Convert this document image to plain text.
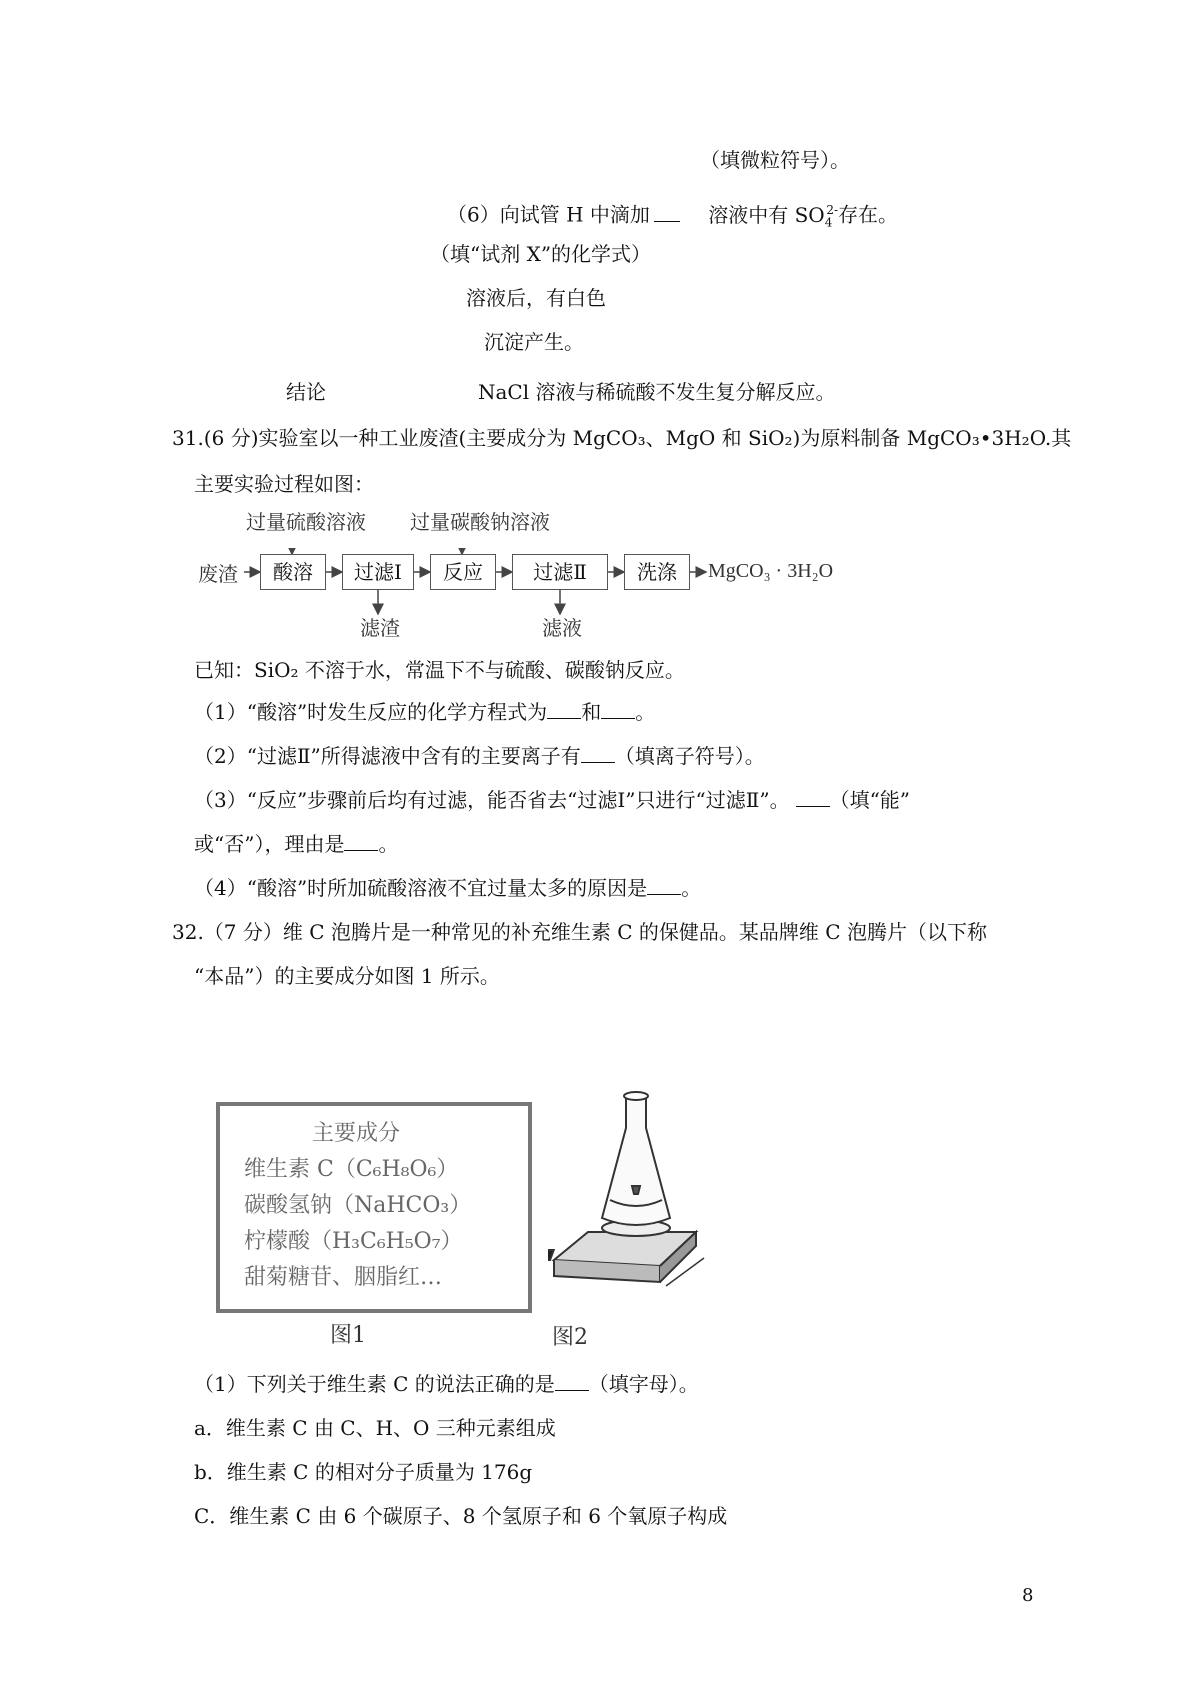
（填微粒符号）。
（6）向试管 H 中滴加	溶液中有 $SO_4^{2-}$存在。
（填“试剂 X”的化学式）
溶液后，有白色
沉淀产生。
结论	NaCl 溶液与稀硫酸不发生复分解反应。
31.(6 分)实验室以一种工业废渣(主要成分为 MgCO₃、MgO 和 SiO₂)为原料制备 MgCO₃•3H₂O.其
主要实验过程如图：
废渣	酸溶	过滤Ⅰ	反应	过滤Ⅱ	洗涤	MgCO₃ · 3H₂O
过量硫酸溶液 过量碳酸钠溶液
滤渣	滤液
已知：SiO₂ 不溶于水，常温下不与硫酸、碳酸钠反应。
（1）“酸溶”时发生反应的化学方程式为 和 。
（2）“过滤Ⅱ”所得滤液中含有的主要离子有 （填离子符号）。
（3）“反应”步骤前后均有过滤，能否省去“过滤Ⅰ”只进行“过滤Ⅱ”。 （填“能”
或“否”），理由是 。
（4）“酸溶”时所加硫酸溶液不宜过量太多的原因是 。
32.（7 分）维 C 泡腾片是一种常见的补充维生素 C 的保健品。某品牌维 C 泡腾片（以下称
“本品”）的主要成分如图 1 所示。
主要成分
维生素 C（C₆H₈O₆）
碳酸氢钠（NaHCO₃）
柠檬酸（H₃C₆H₅O₇）
甜菊糖苷、胭脂红…
图1	图2
（1）下列关于维生素 C 的说法正确的是 （填字母）。
a．维生素 C 由 C、H、O 三种元素组成
b．维生素 C 的相对分子质量为 176g
C．维生素 C 由 6 个碳原子、8 个氢原子和 6 个氧原子构成
8
